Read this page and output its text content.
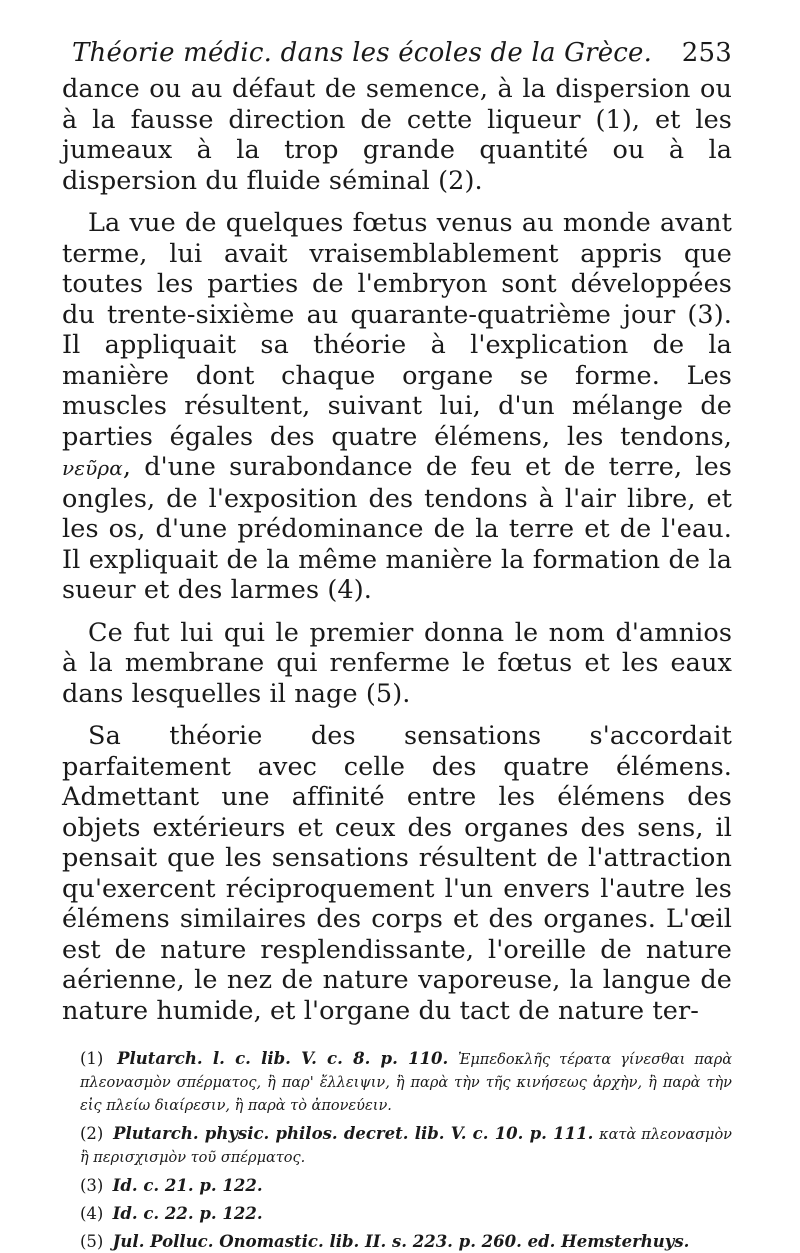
Théorie médic. dans les écoles de la Grèce. 253

dance ou au défaut de semence, à la dispersion ou à la fausse direction de cette liqueur (1), et les jumeaux à la trop grande quantité ou à la dispersion du fluide séminal (2).

La vue de quelques fœtus venus au monde avant terme, lui avait vraisemblablement appris que toutes les parties de l'embryon sont développées du trente-sixième au quarante-quatrième jour (3). Il appliquait sa théorie à l'explication de la manière dont chaque organe se forme. Les muscles résultent, suivant lui, d'un mélange de parties égales des quatre élémens, les tendons, νεῦρα, d'une surabondance de feu et de terre, les ongles, de l'exposition des tendons à l'air libre, et les os, d'une prédominance de la terre et de l'eau. Il expliquait de la même manière la formation de la sueur et des larmes (4).

Ce fut lui qui le premier donna le nom d'amnios à la membrane qui renferme le fœtus et les eaux dans lesquelles il nage (5).

Sa théorie des sensations s'accordait parfaitement avec celle des quatre élémens. Admettant une affinité entre les élémens des objets extérieurs et ceux des organes des sens, il pensait que les sensations résultent de l'attraction qu'exercent réciproquement l'un envers l'autre les élémens similaires des corps et des organes. L'œil est de nature resplendissante, l'oreille de nature aérienne, le nez de nature vaporeuse, la langue de nature humide, et l'organe du tact de nature ter-

(1) Plutarch. l. c. lib. V. c. 8. p. 110. Ἐμπεδοκλῆς τέρατα γίνεσθαι παρὰ πλεονασμὸν σπέρματος, ἢ παρ' ἔλλειψιν, ἢ παρὰ τὴν τῆς κινήσεως ἀρχὴν, ἢ παρὰ τὴν εἰς πλείω διαίρεσιν, ἢ παρὰ τὸ ἀπονεύειν.
(2) Plutarch. physic. philos. decret. lib. V. c. 10. p. 111. κατὰ πλεονασμὸν ἢ περισχισμὸν τοῦ σπέρματος.
(3) Id. c. 21. p. 122.
(4) Id. c. 22. p. 122.
(5) Jul. Polluc. Onomastic. lib. II. s. 223. p. 260. ed. Hemsterhuys.
